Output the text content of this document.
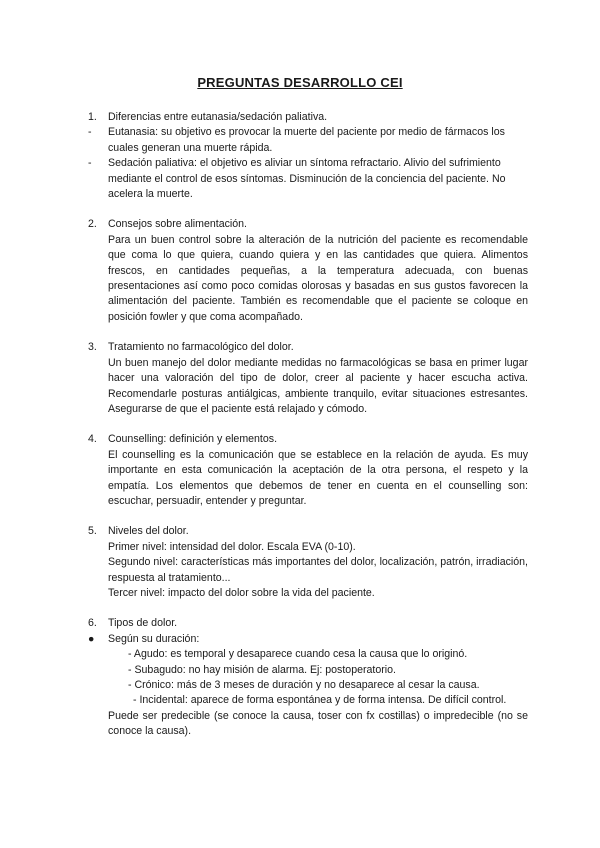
PREGUNTAS DESARROLLO CEI
1. Diferencias entre eutanasia/sedación paliativa.
- Eutanasia: su objetivo es provocar la muerte del paciente por medio de fármacos los cuales generan una muerte rápida.
- Sedación paliativa: el objetivo es aliviar un síntoma refractario. Alivio del sufrimiento mediante el control de esos síntomas. Disminución de la conciencia del paciente. No acelera la muerte.
2. Consejos sobre alimentación.

Para un buen control sobre la alteración de la nutrición del paciente es recomendable que coma lo que quiera, cuando quiera y en las cantidades que quiera. Alimentos frescos, en cantidades pequeñas, a la temperatura adecuada, con buenas presentaciones así como poco comidas olorosas y basadas en sus gustos favorecen la alimentación del paciente. También es recomendable que el paciente se coloque en posición fowler y que coma acompañado.

3. Tratamiento no farmacológico del dolor.

Un buen manejo del dolor mediante medidas no farmacológicas se basa en primer lugar hacer una valoración del tipo de dolor, creer al paciente y hacer escucha activa. Recomendarle posturas antiálgicas, ambiente tranquilo, evitar situaciones estresantes. Asegurarse de que el paciente está relajado y cómodo.

4. Counselling: definición y elementos.

El counselling es la comunicación que se establece en la relación de ayuda. Es muy importante en esta comunicación la aceptación de la otra persona, el respeto y la empatía. Los elementos que debemos de tener en cuenta en el counselling son: escuchar, persuadir, entender y preguntar.

5. Niveles del dolor.

Primer nivel: intensidad del dolor. Escala EVA (0-10).

Segundo nivel: características más importantes del dolor, localización, patrón, irradiación, respuesta al tratamiento...

Tercer nivel: impacto del dolor sobre la vida del paciente.

6. Tipos de dolor.
● Según su duración:
- Agudo: es temporal y desaparece cuando cesa la causa que lo originó.
- Subagudo: no hay misión de alarma. Ej: postoperatorio.
- Crónico: más de 3 meses de duración y no desaparece al cesar la causa.
- Incidental: aparece de forma espontánea y de forma intensa. De difícil control.

Puede ser predecible (se conoce la causa, toser con fx costillas) o impredecible (no se conoce la causa).
